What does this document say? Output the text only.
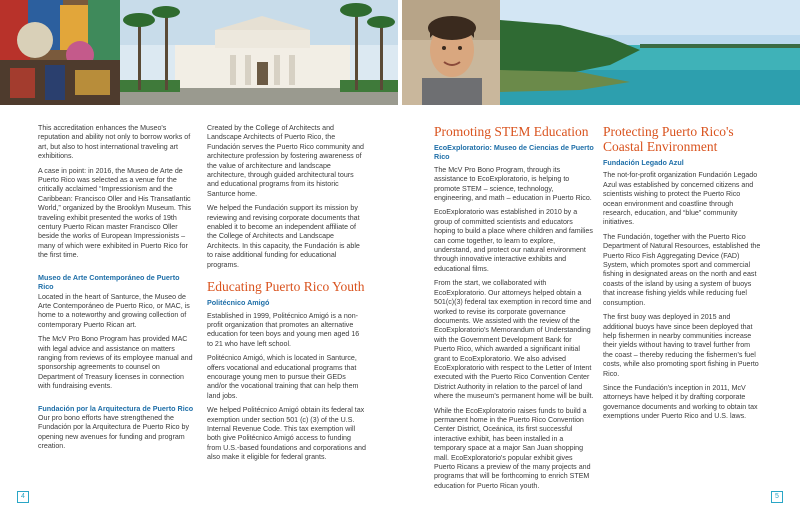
This accreditation enhances the Museo's reputation and ability not only to borrow works of art, but also to host international traveling art exhibitions.

A case in point: in 2016, the Museo de Arte de Puerto Rico was selected as a venue for the critically acclaimed “Impressionism and the Caribbean: Francisco Oller and His Transatlantic World,” organized by the Brooklyn Museum. This traveling exhibit presented the works of 19th century Puerto Rican master Francisco Oller beside the works of European Impressionists – many of which were exhibited in Puerto Rico for the first time.

Museo de Arte Contemporáneo de Puerto Rico

Located in the heart of Santurce, the Museo de Arte Contemporáneo de Puerto Rico, or MAC, is home to a noteworthy and growing collection of contemporary Puerto Rican art.

The McV Pro Bono Program has provided MAC with legal advice and assistance on matters ranging from reviews of its employee manual and sponsorship agreements to counsel on Department of Treasury licenses in connection with fundraising events.

Fundación por la Arquitectura de Puerto Rico

Our pro bono efforts have strengthened the Fundación por la Arquitectura de Puerto Rico by opening new avenues for funding and program creation.

Created by the College of Architects and Landscape Architects of Puerto Rico, the Fundación serves the Puerto Rico community and architecture profession by fostering awareness of the value of architecture and landscape architecture, through guided architectural tours and educational programs from its historic Santurce home.

We helped the Fundación support its mission by reviewing and revising corporate documents that enabled it to become an independent affiliate of the College of Architects and Landscape Architects. In this capacity, the Fundación is able to raise additional funding for educational programs.

Educating Puerto Rico Youth
Politécnico Amigó

Established in 1999, Politécnico Amigó is a non-profit organization that promotes an alternative education for teen boys and young men aged 16 to 21 who have left school.

Politécnico Amigó, which is located in Santurce, offers vocational and educational programs that encourage young men to pursue their GEDs and/or the vocational training that can help them land jobs.

We helped Politécnico Amigó obtain its federal tax exemption under section 501 (c) (3) of the U.S. Internal Revenue Code. This tax exemption will both give Politécnico Amigó access to funding from U.S.-based foundations and corporations and also make it eligible for federal grants.

Promoting STEM Education
EcoExploratorio: Museo de Ciencias de Puerto Rico

The McV Pro Bono Program, through its assistance to EcoExploratorio, is helping to promote STEM – science, technology, engineering, and math – education in Puerto Rico.

EcoExploratorio was established in 2010 by a group of committed scientists and educators hoping to build a place where children and families can come together, to learn to explore, understand, and protect our natural environment through innovative interactive exhibits and educational films.

From the start, we collaborated with EcoExploratorio. Our attorneys helped obtain a 501(c)(3) federal tax exemption in record time and worked to revise its corporate governance documents. We assisted with the review of the EcoExploratorio's Memorandum of Understanding with the Government Development Bank for Puerto Rico, which awarded a significant initial grant to EcoExploratorio. We also advised EcoExploratorio with respect to the Letter of Intent executed with the Puerto Rico Convention Center District Authority in relation to the parcel of land where the museum's permanent home will be built.

While the EcoExploratorio raises funds to build a permanent home in the Puerto Rico Convention Center District, Oceánica, its first successful interactive exhibit, has been installed in a temporary space at a major San Juan shopping mall. EcoExploratorio's popular exhibit gives Puerto Ricans a preview of the many projects and programs that will be forthcoming to enrich STEM education for Puerto Rican youth.

Protecting Puerto Rico's Coastal Environment
Fundación Legado Azul

The not-for-profit organization Fundación Legado Azul was established by concerned citizens and scientists wishing to protect the Puerto Rico ocean environment and coastline through research, education, and “blue” community initiatives.

The Fundación, together with the Puerto Rico Department of Natural Resources, established the Puerto Rico Fish Aggregating Device (FAD) System, which promotes sport and commercial fishing in designated areas on the north and east coasts of the island by using a system of buoys that increase fishing yields while reducing fuel consumption.

The first buoy was deployed in 2015 and additional buoys have since been deployed that help fishermen in nearby communities increase their yields without having to travel further from the coast – thereby reducing the fishermen's fuel costs, while also promoting sport fishing in Puerto Rico.

Since the Fundación's inception in 2011, McV attorneys have helped it by drafting corporate governance documents and working to obtain tax exemptions under Puerto Rico and U.S. laws.

4	5
